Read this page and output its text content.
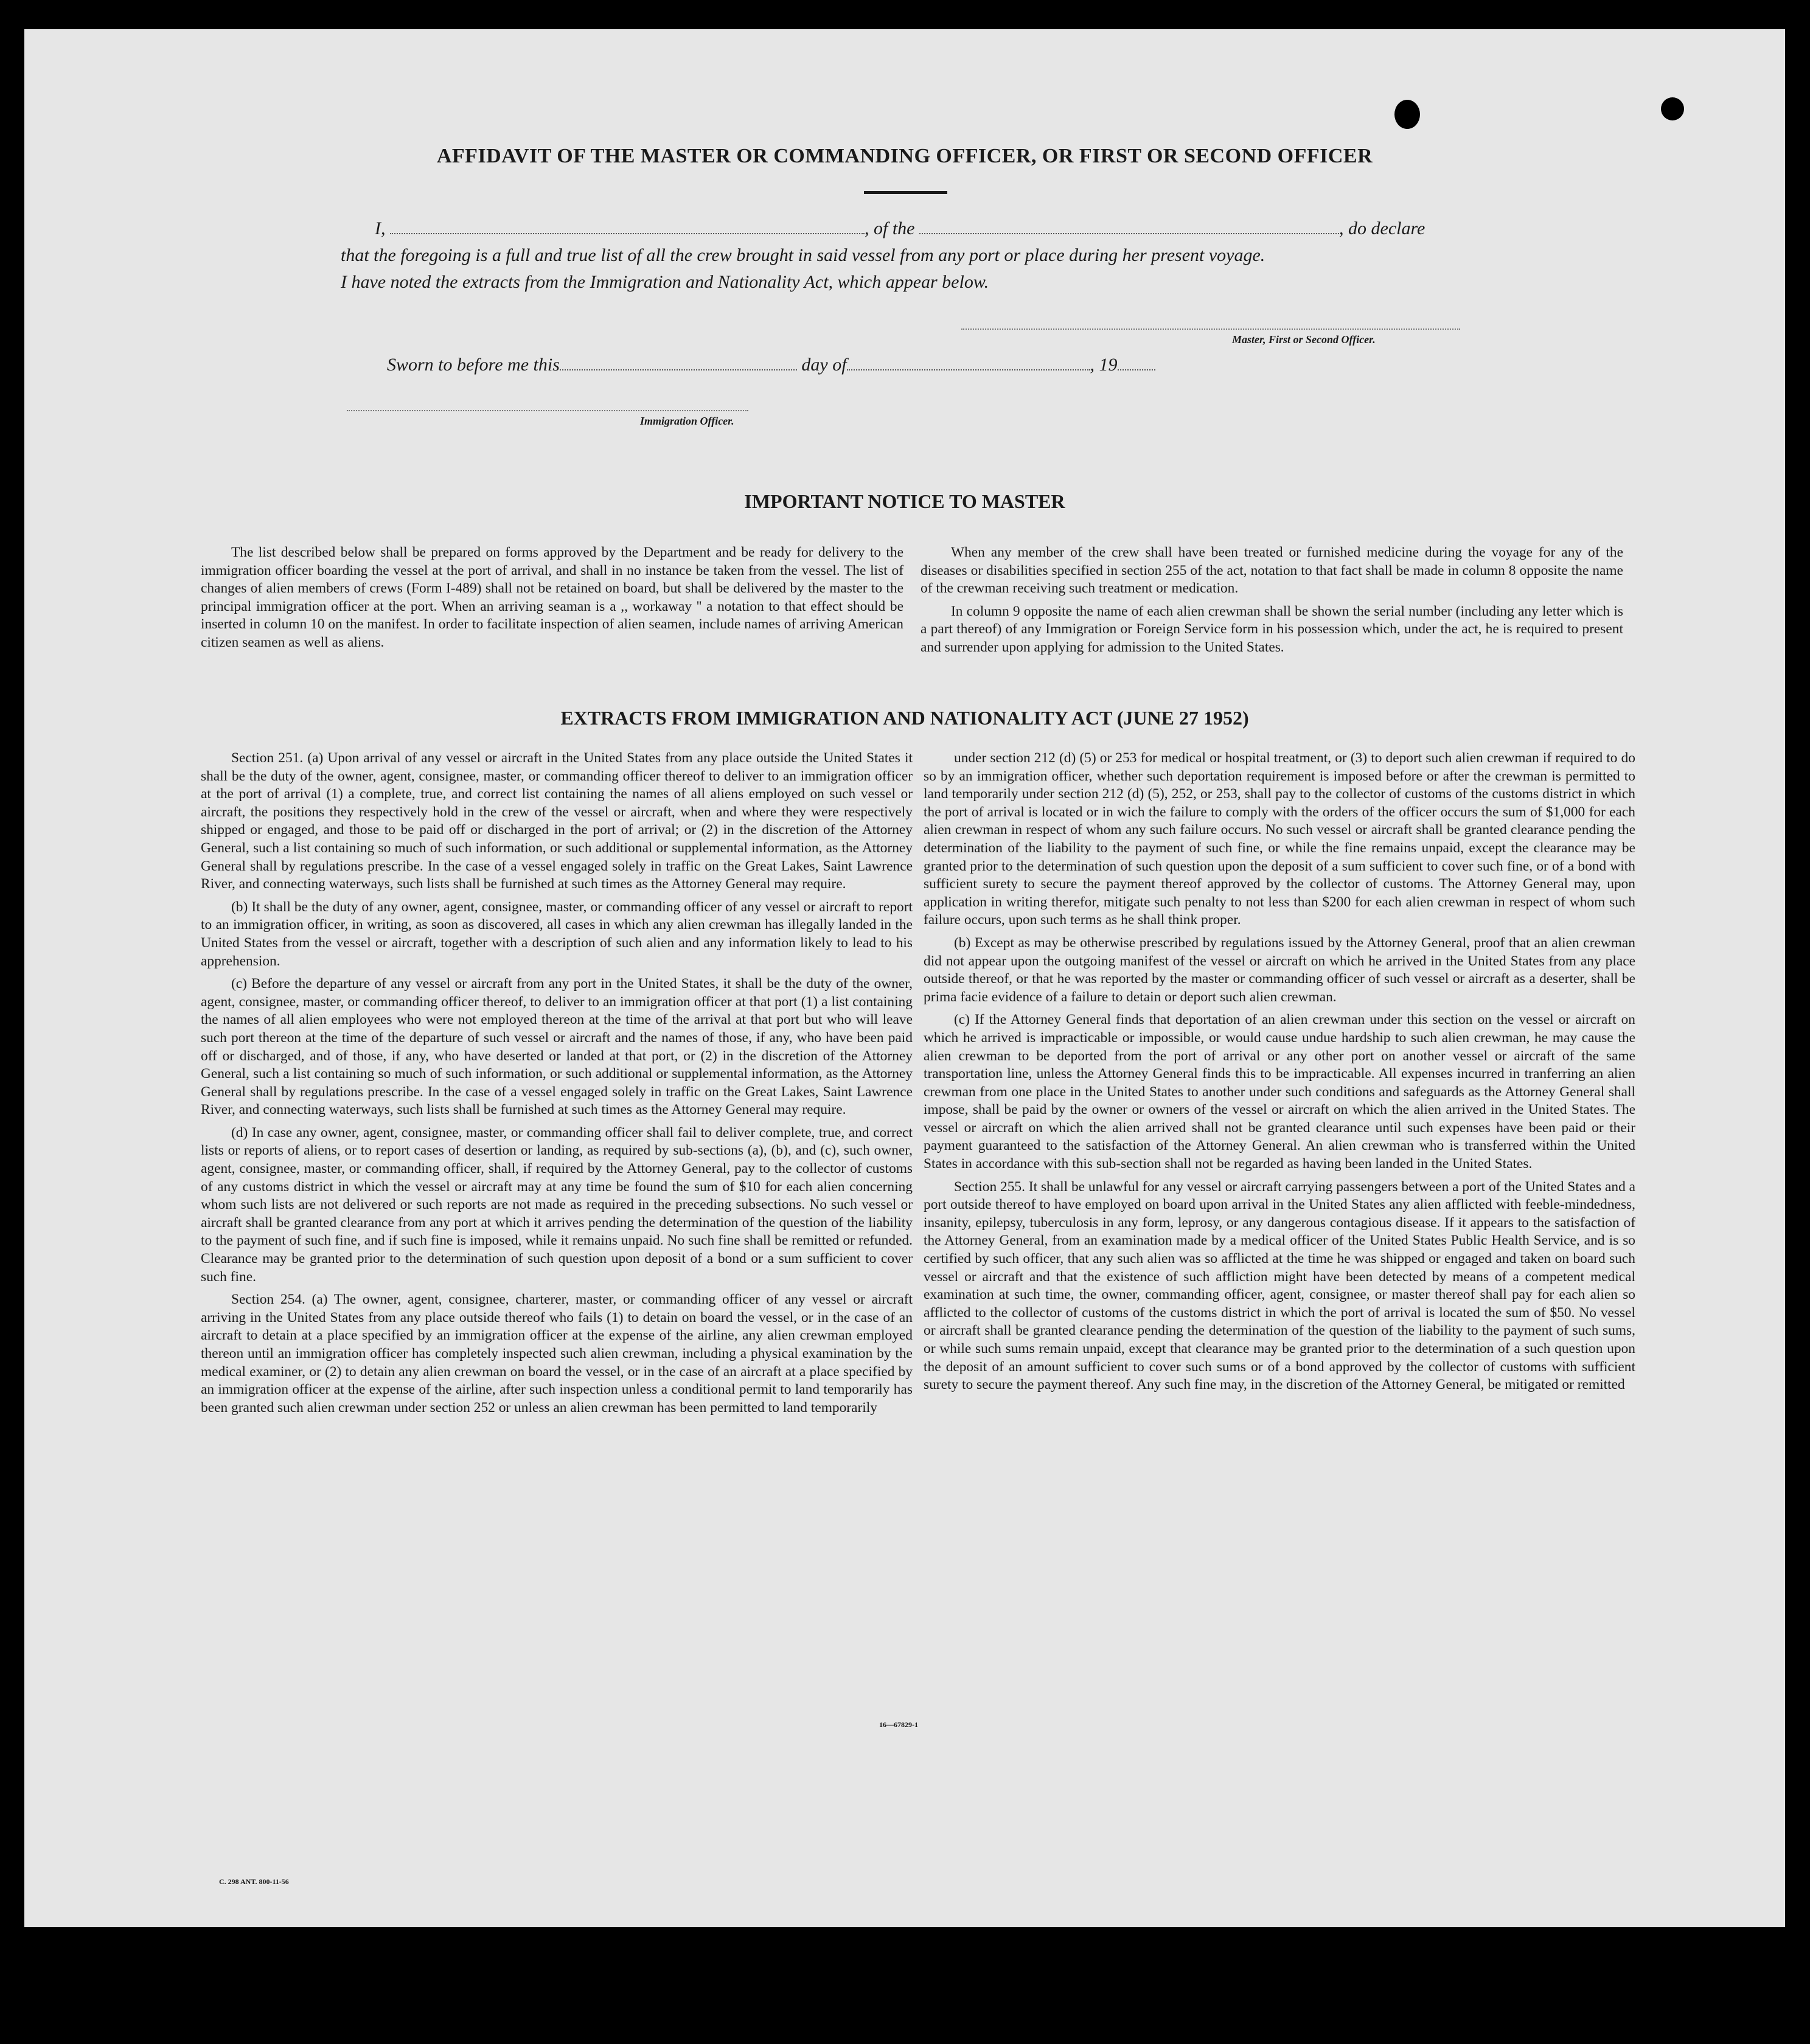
AFFIDAVIT OF THE MASTER OR COMMANDING OFFICER, OR FIRST OR SECOND OFFICER
I,	, of the	, do declare
that the foregoing is a full and true list of all the crew brought in said vessel from any port or place during her present voyage.
I have noted the extracts from the Immigration and Nationality Act, which appear below.
Master, First or Second Officer.
Sworn to before me this	day of	, 19
Immigration Officer.
IMPORTANT NOTICE TO MASTER

The list described below shall be prepared on forms approved by the Department and be ready for delivery to the immigration officer boarding the vessel at the port of arrival, and shall in no instance be taken from the vessel. The list of changes of alien members of crews (Form I-489) shall not be retained on board, but shall be delivered by the master to the principal immigration officer at the port. When an arriving seaman is a ,, workaway '' a notation to that effect should be inserted in column 10 on the manifest. In order to facilitate inspection of alien seamen, include names of arriving American citizen seamen as well as aliens.

When any member of the crew shall have been treated or furnished medicine during the voyage for any of the diseases or disabilities specified in section 255 of the act, notation to that fact shall be made in column 8 opposite the name of the crewman receiving such treatment or medication.

In column 9 opposite the name of each alien crewman shall be shown the serial number (including any letter which is a part thereof) of any Immigration or Foreign Service form in his possession which, under the act, he is required to present and surrender upon applying for admission to the United States.

EXTRACTS FROM IMMIGRATION AND NATIONALITY ACT (JUNE 27 1952)

Section 251. (a) Upon arrival of any vessel or aircraft in the United States from any place outside the United States it shall be the duty of the owner, agent, consignee, master, or commanding officer thereof to deliver to an immigration officer at the port of arrival (1) a complete, true, and correct list containing the names of all aliens employed on such vessel or aircraft, the positions they respectively hold in the crew of the vessel or aircraft, when and where they were respectively shipped or engaged, and those to be paid off or discharged in the port of arrival; or (2) in the discretion of the Attorney General, such a list containing so much of such information, or such additional or supplemental information, as the Attorney General shall by regulations prescribe. In the case of a vessel engaged solely in traffic on the Great Lakes, Saint Lawrence River, and connecting waterways, such lists shall be furnished at such times as the Attorney General may require.

(b) It shall be the duty of any owner, agent, consignee, master, or commanding officer of any vessel or aircraft to report to an immigration officer, in writing, as soon as discovered, all cases in which any alien crewman has illegally landed in the United States from the vessel or aircraft, together with a description of such alien and any information likely to lead to his apprehension.

(c) Before the departure of any vessel or aircraft from any port in the United States, it shall be the duty of the owner, agent, consignee, master, or commanding officer thereof, to deliver to an immigration officer at that port (1) a list containing the names of all alien employees who were not employed thereon at the time of the arrival at that port but who will leave such port thereon at the time of the departure of such vessel or aircraft and the names of those, if any, who have been paid off or discharged, and of those, if any, who have deserted or landed at that port, or (2) in the discretion of the Attorney General, such a list containing so much of such information, or such additional or supplemental information, as the Attorney General shall by regulations prescribe. In the case of a vessel engaged solely in traffic on the Great Lakes, Saint Lawrence River, and connecting waterways, such lists shall be furnished at such times as the Attorney General may require.

(d) In case any owner, agent, consignee, master, or commanding officer shall fail to deliver complete, true, and correct lists or reports of aliens, or to report cases of desertion or landing, as required by sub-sections (a), (b), and (c), such owner, agent, consignee, master, or commanding officer, shall, if required by the Attorney General, pay to the collector of customs of any customs district in which the vessel or aircraft may at any time be found the sum of $10 for each alien concerning whom such lists are not delivered or such reports are not made as required in the preceding subsections. No such vessel or aircraft shall be granted clearance from any port at which it arrives pending the determination of the question of the liability to the payment of such fine, and if such fine is imposed, while it remains unpaid. No such fine shall be remitted or refunded. Clearance may be granted prior to the determination of such question upon deposit of a bond or a sum sufficient to cover such fine.

Section 254. (a) The owner, agent, consignee, charterer, master, or commanding officer of any vessel or aircraft arriving in the United States from any place outside thereof who fails (1) to detain on board the vessel, or in the case of an aircraft to detain at a place specified by an immigration officer at the expense of the airline, any alien crewman employed thereon until an immigration officer has completely inspected such alien crewman, including a physical examination by the medical examiner, or (2) to detain any alien crewman on board the vessel, or in the case of an aircraft at a place specified by an immigration officer at the expense of the airline, after such inspection unless a conditional permit to land temporarily has been granted such alien crewman under section 252 or unless an alien crewman has been permitted to land temporarily

under section 212 (d) (5) or 253 for medical or hospital treatment, or (3) to deport such alien crewman if required to do so by an immigration officer, whether such deportation requirement is imposed before or after the crewman is permitted to land temporarily under section 212 (d) (5), 252, or 253, shall pay to the collector of customs of the customs district in which the port of arrival is located or in wich the failure to comply with the orders of the officer occurs the sum of $1,000 for each alien crewman in respect of whom any such failure occurs. No such vessel or aircraft shall be granted clearance pending the determination of the liability to the payment of such fine, or while the fine remains unpaid, except the clearance may be granted prior to the determination of such question upon the deposit of a sum sufficient to cover such fine, or of a bond with sufficient surety to secure the payment thereof approved by the collector of customs. The Attorney General may, upon application in writing therefor, mitigate such penalty to not less than $200 for each alien crewman in respect of whom such failure occurs, upon such terms as he shall think proper.

(b) Except as may be otherwise prescribed by regulations issued by the Attorney General, proof that an alien crewman did not appear upon the outgoing manifest of the vessel or aircraft on which he arrived in the United States from any place outside thereof, or that he was reported by the master or commanding officer of such vessel or aircraft as a deserter, shall be prima facie evidence of a failure to detain or deport such alien crewman.

(c) If the Attorney General finds that deportation of an alien crewman under this section on the vessel or aircraft on which he arrived is impracticable or impossible, or would cause undue hardship to such alien crewman, he may cause the alien crewman to be deported from the port of arrival or any other port on another vessel or aircraft of the same transportation line, unless the Attorney General finds this to be impracticable. All expenses incurred in tranferring an alien crewman from one place in the United States to another under such conditions and safeguards as the Attorney General shall impose, shall be paid by the owner or owners of the vessel or aircraft on which the alien arrived in the United States. The vessel or aircraft on which the alien arrived shall not be granted clearance until such expenses have been paid or their payment guaranteed to the satisfaction of the Attorney General. An alien crewman who is transferred within the United States in accordance with this sub-section shall not be regarded as having been landed in the United States.

Section 255. It shall be unlawful for any vessel or aircraft carrying passengers between a port of the United States and a port outside thereof to have employed on board upon arrival in the United States any alien afflicted with feeble-mindedness, insanity, epilepsy, tuberculosis in any form, leprosy, or any dangerous contagious disease. If it appears to the satisfaction of the Attorney General, from an examination made by a medical officer of the United States Public Health Service, and is so certified by such officer, that any such alien was so afflicted at the time he was shipped or engaged and taken on board such vessel or aircraft and that the existence of such affliction might have been detected by means of a competent medical examination at such time, the owner, commanding officer, agent, consignee, or master thereof shall pay for each alien so afflicted to the collector of customs of the customs district in which the port of arrival is located the sum of $50. No vessel or aircraft shall be granted clearance pending the determination of the question of the liability to the payment of such sums, or while such sums remain unpaid, except that clearance may be granted prior to the determination of a such question upon the deposit of an amount sufficient to cover such sums or of a bond approved by the collector of customs with sufficient surety to secure the payment thereof. Any such fine may, in the discretion of the Attorney General, be mitigated or remitted

16—67829-1
C. 298 ANT. 800-11-56
